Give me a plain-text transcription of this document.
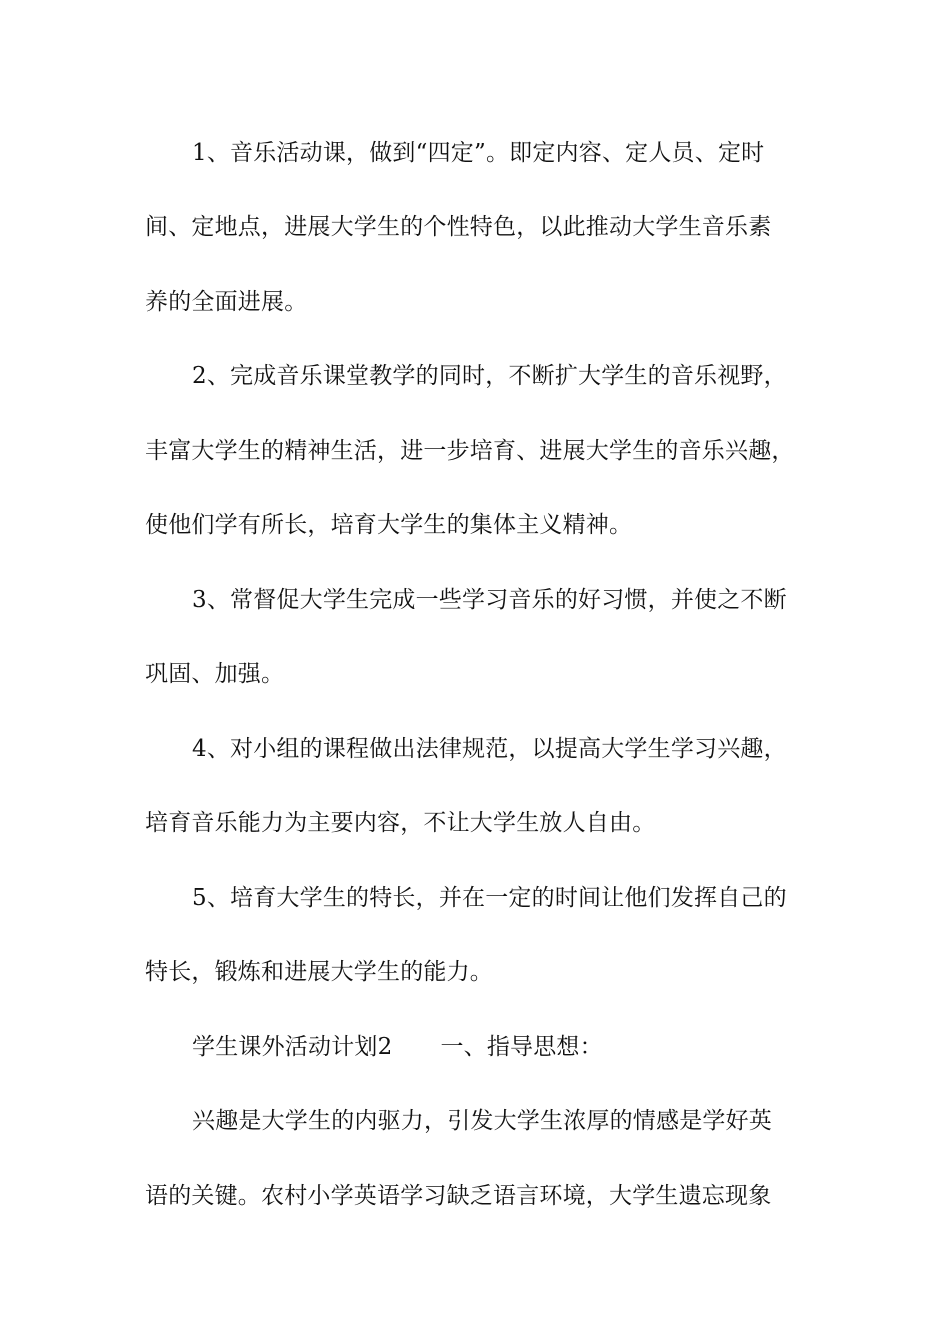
1、音乐活动课，做到“四定”。即定内容、定人员、定时
间、定地点，进展大学生的个性特色，以此推动大学生音乐素
养的全面进展。
2、完成音乐课堂教学的同时，不断扩大学生的音乐视野，
丰富大学生的精神生活，进一步培育、进展大学生的音乐兴趣，
使他们学有所长，培育大学生的集体主义精神。
3、常督促大学生完成一些学习音乐的好习惯，并使之不断
巩固、加强。
4、对小组的课程做出法律规范，以提高大学生学习兴趣，
培育音乐能力为主要内容，不让大学生放人自由。
5、培育大学生的特长，并在一定的时间让他们发挥自己的
特长，锻炼和进展大学生的能力。
学生课外活动计划2 一、指导思想：
兴趣是大学生的内驱力，引发大学生浓厚的情感是学好英
语的关键。农村小学英语学习缺乏语言环境，大学生遗忘现象
